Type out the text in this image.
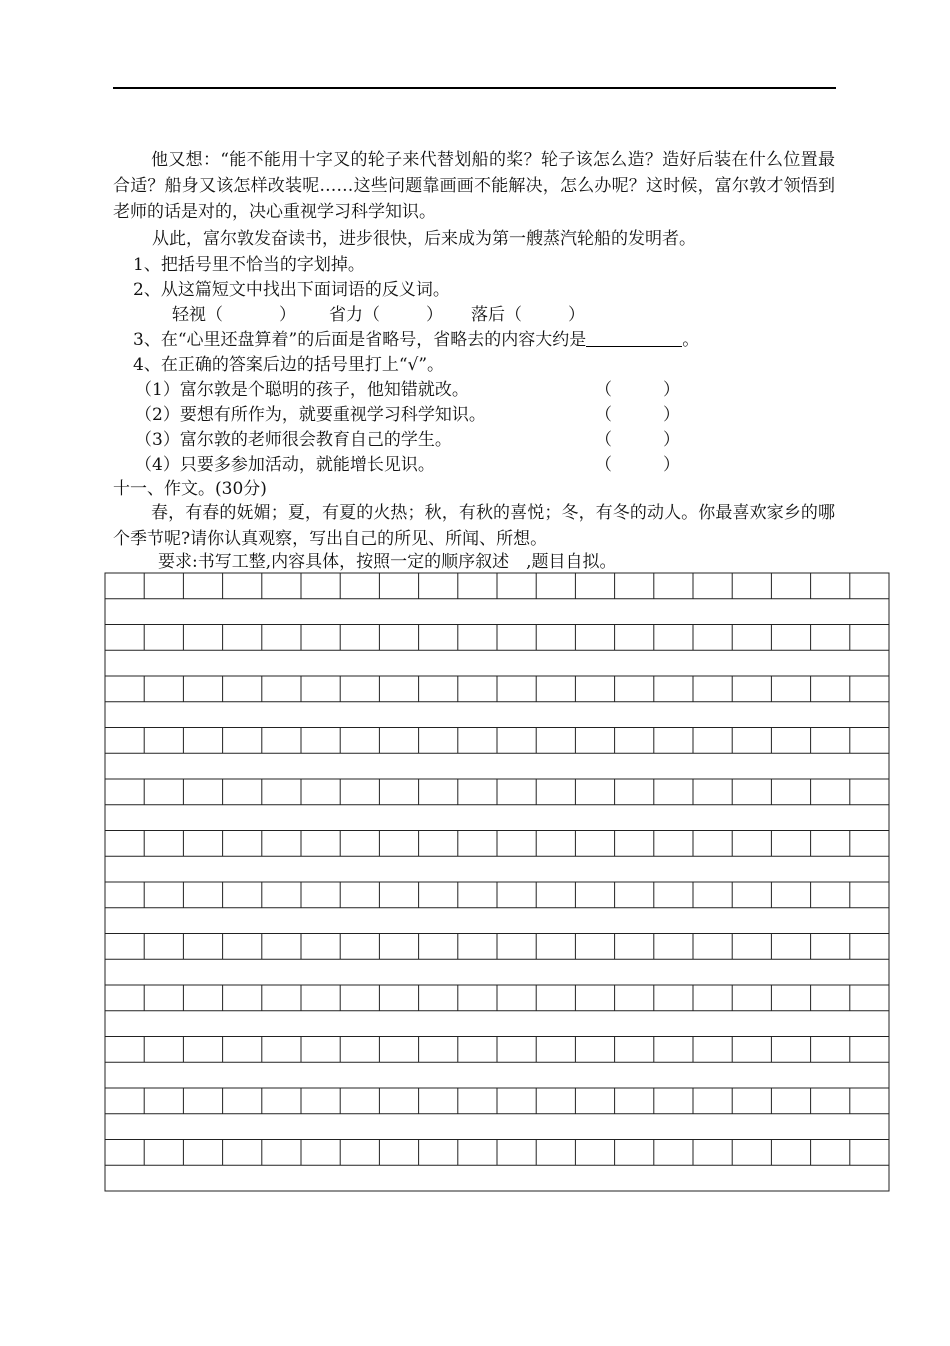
他又想：“能不能用十字叉的轮子来代替划船的桨？轮子该怎么造？造好后装在什么位置最合适？船身又该怎样改装呢……这些问题靠画画不能解决，怎么办呢？这时候，富尔敦才领悟到老师的话是对的，决心重视学习科学知识。
从此，富尔敦发奋读书，进步很快，后来成为第一艘蒸汽轮船的发明者。
1、把括号里不恰当的字划掉。
2、从这篇短文中找出下面词语的反义词。
轻视（	） 省力（	） 落后（	）
3、在“心里还盘算着”的后面是省略号，省略去的内容大约是	。
4、在正确的答案后边的括号里打上“√”。
（1）富尔敦是个聪明的孩子，他知错就改。	（　　　）
（2）要想有所作为，就要重视学习科学知识。	（　　　）
（3）富尔敦的老师很会教育自己的学生。	（　　　）
（4）只要多参加活动，就能增长见识。	（　　　）
十一、作文。(30分)
春，有春的妩媚；夏，有夏的火热；秋，有秋的喜悦；冬，有冬的动人。你最喜欢家乡的哪个季节呢?请你认真观察，写出自己的所见、所闻、所想。
要求:书写工整,内容具体，按照一定的顺序叙述　,题目自拟。
